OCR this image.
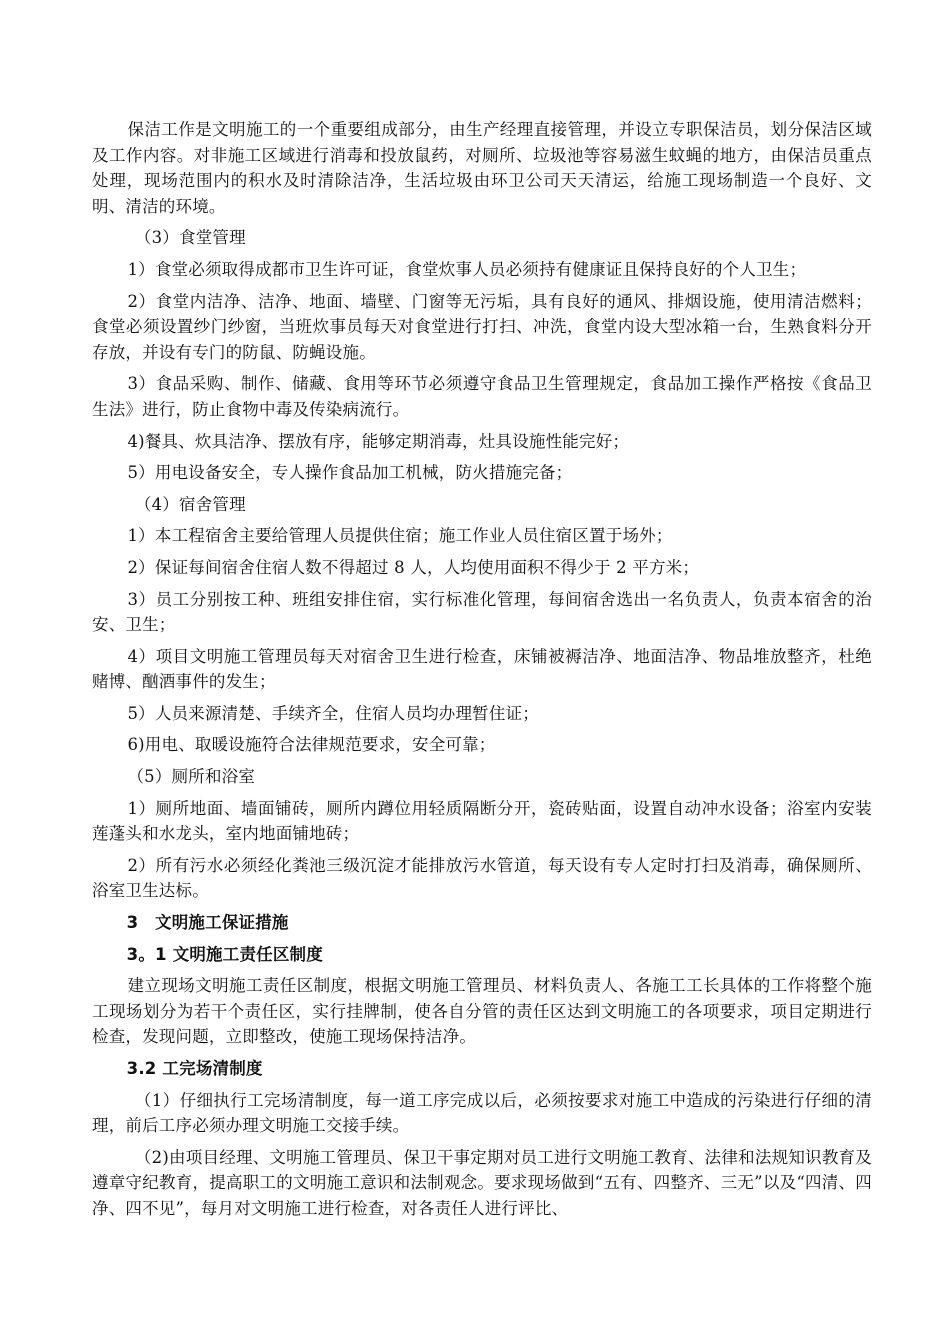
保洁工作是文明施工的一个重要组成部分，由生产经理直接管理，并设立专职保洁员，划分保洁区域及工作内容。对非施工区域进行消毒和投放鼠药，对厕所、垃圾池等容易滋生蚊蝇的地方，由保洁员重点处理，现场范围内的积水及时清除洁净，生活垃圾由环卫公司天天清运，给施工现场制造一个良好、文明、清洁的环境。

（3）食堂管理

1）食堂必须取得成都市卫生许可证，食堂炊事人员必须持有健康证且保持良好的个人卫生；

2）食堂内洁净、洁净、地面、墙壁、门窗等无污垢，具有良好的通风、排烟设施，使用清洁燃料；食堂必须设置纱门纱窗，当班炊事员每天对食堂进行打扫、冲洗，食堂内设大型冰箱一台，生熟食料分开存放，并设有专门的防鼠、防蝇设施。

3）食品采购、制作、储藏、食用等环节必须遵守食品卫生管理规定，食品加工操作严格按《食品卫生法》进行，防止食物中毒及传染病流行。

4)餐具、炊具洁净、摆放有序，能够定期消毒，灶具设施性能完好；

5）用电设备安全，专人操作食品加工机械，防火措施完备；

（4）宿舍管理

1）本工程宿舍主要给管理人员提供住宿；施工作业人员住宿区置于场外；

2）保证每间宿舍住宿人数不得超过 8 人，人均使用面积不得少于 2 平方米；

3）员工分别按工种、班组安排住宿，实行标准化管理，每间宿舍选出一名负责人，负责本宿舍的治安、卫生；

4）项目文明施工管理员每天对宿舍卫生进行检查，床铺被褥洁净、地面洁净、物品堆放整齐，杜绝赌博、酗酒事件的发生；

5）人员来源清楚、手续齐全，住宿人员均办理暂住证；

6)用电、取暖设施符合法律规范要求，安全可靠；

（5）厕所和浴室

1）厕所地面、墙面铺砖，厕所内蹲位用轻质隔断分开，瓷砖贴面，设置自动冲水设备；浴室内安装莲蓬头和水龙头，室内地面铺地砖；

2）所有污水必须经化粪池三级沉淀才能排放污水管道，每天设有专人定时打扫及消毒，确保厕所、浴室卫生达标。

3　文明施工保证措施

3。1 文明施工责任区制度

建立现场文明施工责任区制度，根据文明施工管理员、材料负责人、各施工工长具体的工作将整个施工现场划分为若干个责任区，实行挂牌制，使各自分管的责任区达到文明施工的各项要求，项目定期进行检查，发现问题，立即整改，使施工现场保持洁净。

3.2 工完场清制度

（1）仔细执行工完场清制度，每一道工序完成以后，必须按要求对施工中造成的污染进行仔细的清理，前后工序必须办理文明施工交接手续。

（2)由项目经理、文明施工管理员、保卫干事定期对员工进行文明施工教育、法律和法规知识教育及遵章守纪教育，提高职工的文明施工意识和法制观念。要求现场做到“五有、四整齐、三无”以及“四清、四净、四不见”，每月对文明施工进行检查，对各责任人进行评比、
